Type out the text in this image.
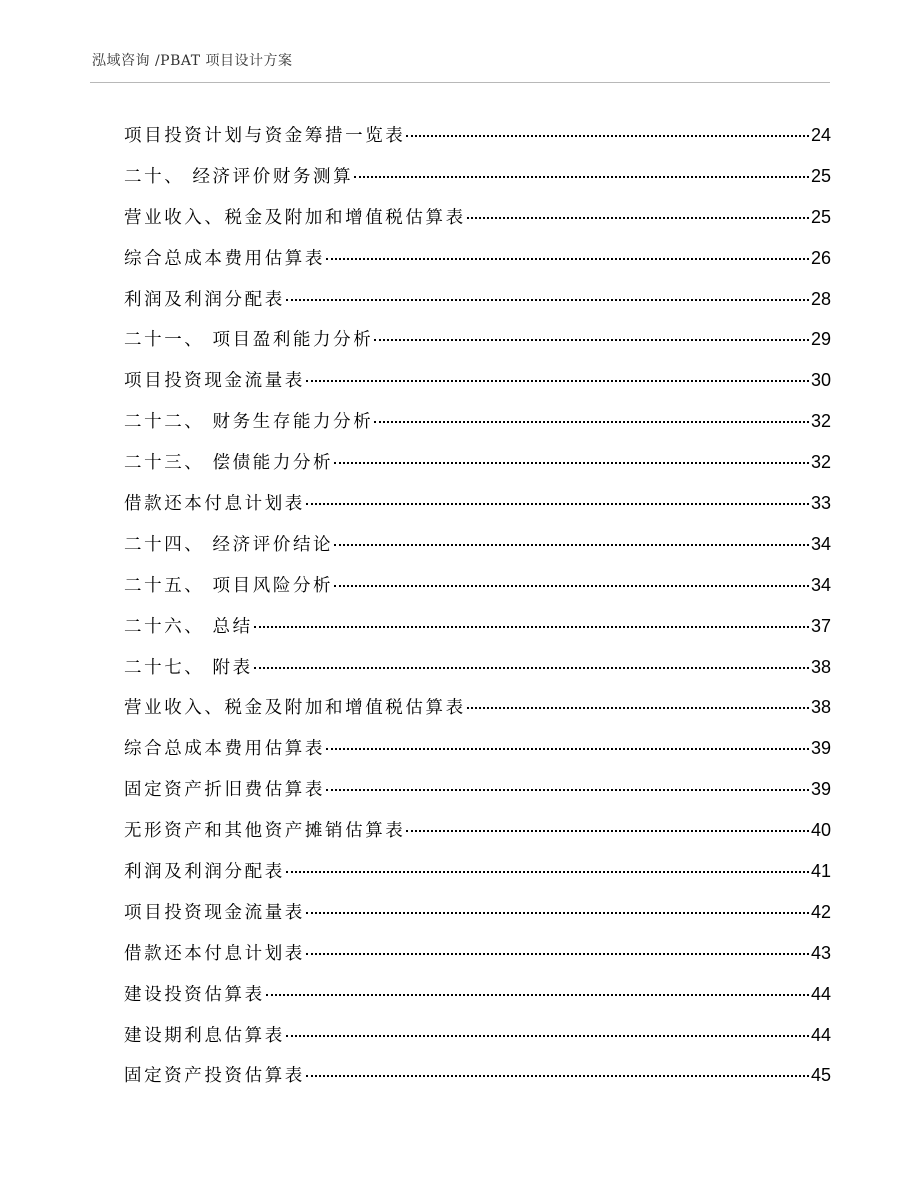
泓域咨询 /PBAT 项目设计方案
项目投资计划与资金筹措一览表	24
二十、 经济评价财务测算	25
营业收入、税金及附加和增值税估算表	25
综合总成本费用估算表	26
利润及利润分配表	28
二十一、 项目盈利能力分析	29
项目投资现金流量表	30
二十二、 财务生存能力分析	32
二十三、 偿债能力分析	32
借款还本付息计划表	33
二十四、 经济评价结论	34
二十五、 项目风险分析	34
二十六、 总结	37
二十七、 附表	38
营业收入、税金及附加和增值税估算表	38
综合总成本费用估算表	39
固定资产折旧费估算表	39
无形资产和其他资产摊销估算表	40
利润及利润分配表	41
项目投资现金流量表	42
借款还本付息计划表	43
建设投资估算表	44
建设期利息估算表	44
固定资产投资估算表	45
